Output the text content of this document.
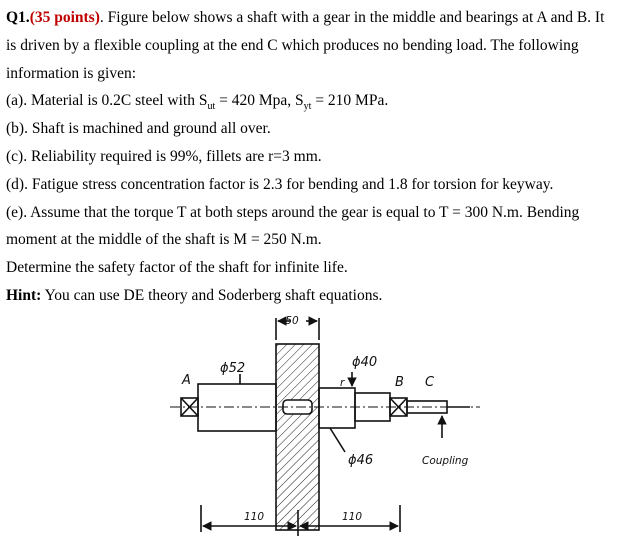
Q1.(35 points). Figure below shows a shaft with a gear in the middle and bearings at A and B. It
is driven by a flexible coupling at the end C which produces no bending load. The following
information is given:
(a). Material is 0.2C steel with $S_{ut} = 420$ Mpa, $S_{yt} = 210$ MPa.
(b). Shaft is machined and ground all over.
(c). Reliability required is 99%, fillets are r=3 mm.
(d). Fatigue stress concentration factor is 2.3 for bending and 1.8 for torsion for keyway.
(e). Assume that the torque T at both steps around the gear is equal to T = 300 N.m. Bending
moment at the middle of the shaft is M = 250 N.m.
Determine the safety factor of the shaft for infinite life.
Hint: You can use DE theory and Soderberg shaft equations.
50
ϕ52	ϕ40
ϕ46
A	B C
r
Coupling
110	110
